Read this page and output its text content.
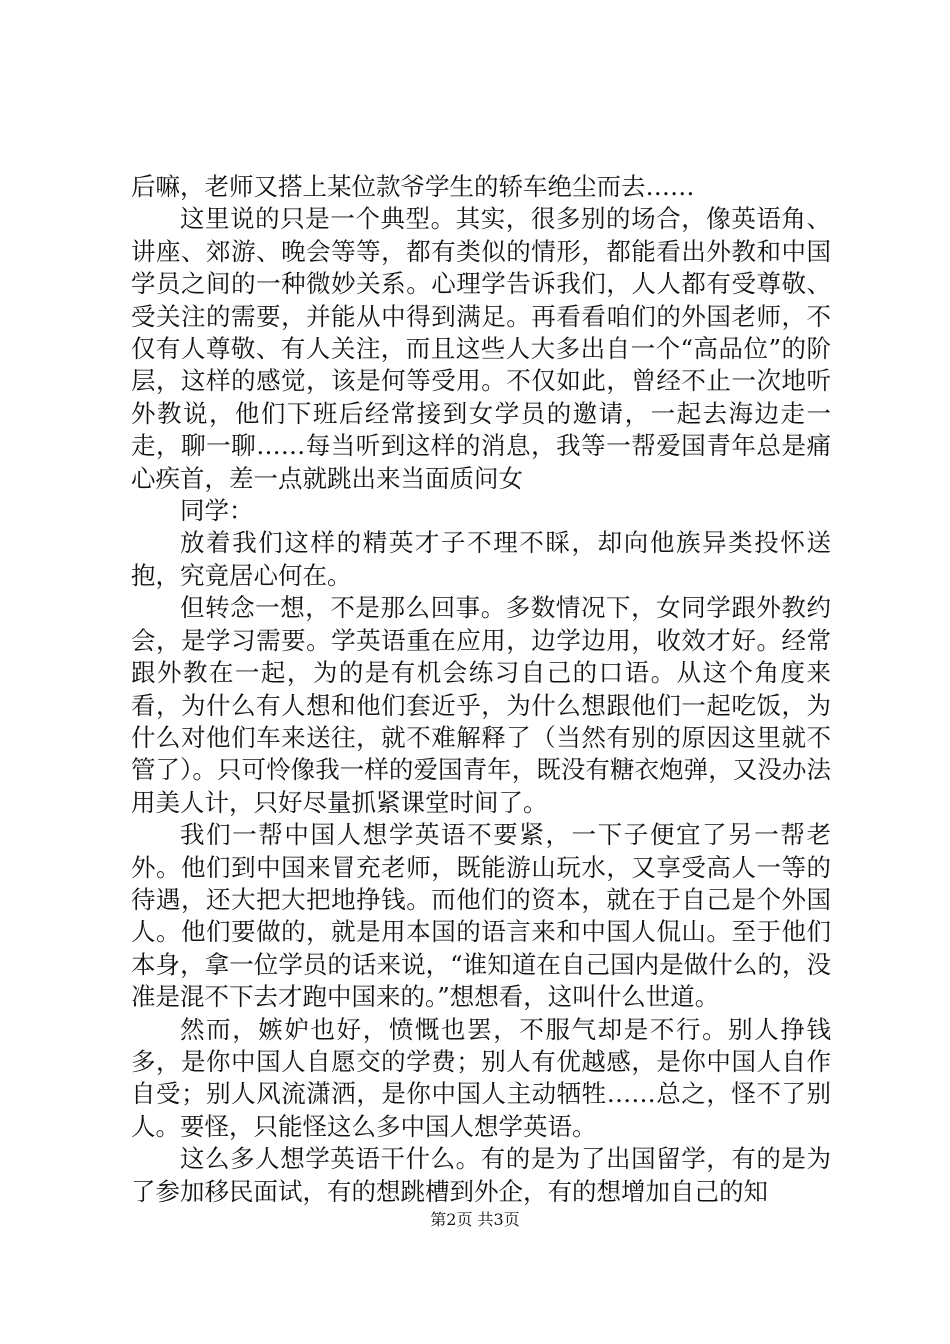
后嘛，老师又搭上某位款爷学生的轿车绝尘而去……

这里说的只是一个典型。其实，很多别的场合，像英语角、讲座、郊游、晚会等等，都有类似的情形，都能看出外教和中国学员之间的一种微妙关系。心理学告诉我们，人人都有受尊敬、受关注的需要，并能从中得到满足。再看看咱们的外国老师，不仅有人尊敬、有人关注，而且这些人大多出自一个“高品位”的阶层，这样的感觉，该是何等受用。不仅如此，曾经不止一次地听外教说，他们下班后经常接到女学员的邀请，一起去海边走一走，聊一聊……每当听到这样的消息，我等一帮爱国青年总是痛心疾首，差一点就跳出来当面质问女

同学：

放着我们这样的精英才子不理不睬，却向他族异类投怀送抱，究竟居心何在。

但转念一想，不是那么回事。多数情况下，女同学跟外教约会，是学习需要。学英语重在应用，边学边用，收效才好。经常跟外教在一起，为的是有机会练习自己的口语。从这个角度来看，为什么有人想和他们套近乎，为什么想跟他们一起吃饭，为什么对他们车来送往，就不难解释了（当然有别的原因这里就不管了）。只可怜像我一样的爱国青年，既没有糖衣炮弹，又没办法用美人计，只好尽量抓紧课堂时间了。

我们一帮中国人想学英语不要紧，一下子便宜了另一帮老外。他们到中国来冒充老师，既能游山玩水，又享受高人一等的待遇，还大把大把地挣钱。而他们的资本，就在于自己是个外国人。他们要做的，就是用本国的语言来和中国人侃山。至于他们本身，拿一位学员的话来说，“谁知道在自己国内是做什么的，没准是混不下去才跑中国来的。”想想看，这叫什么世道。

然而，嫉妒也好，愤慨也罢，不服气却是不行。别人挣钱多，是你中国人自愿交的学费；别人有优越感，是你中国人自作自受；别人风流潇洒，是你中国人主动牺牲……总之，怪不了别人。要怪，只能怪这么多中国人想学英语。

这么多人想学英语干什么。有的是为了出国留学，有的是为了参加移民面试，有的想跳槽到外企，有的想增加自己的知

第2页 共3页
